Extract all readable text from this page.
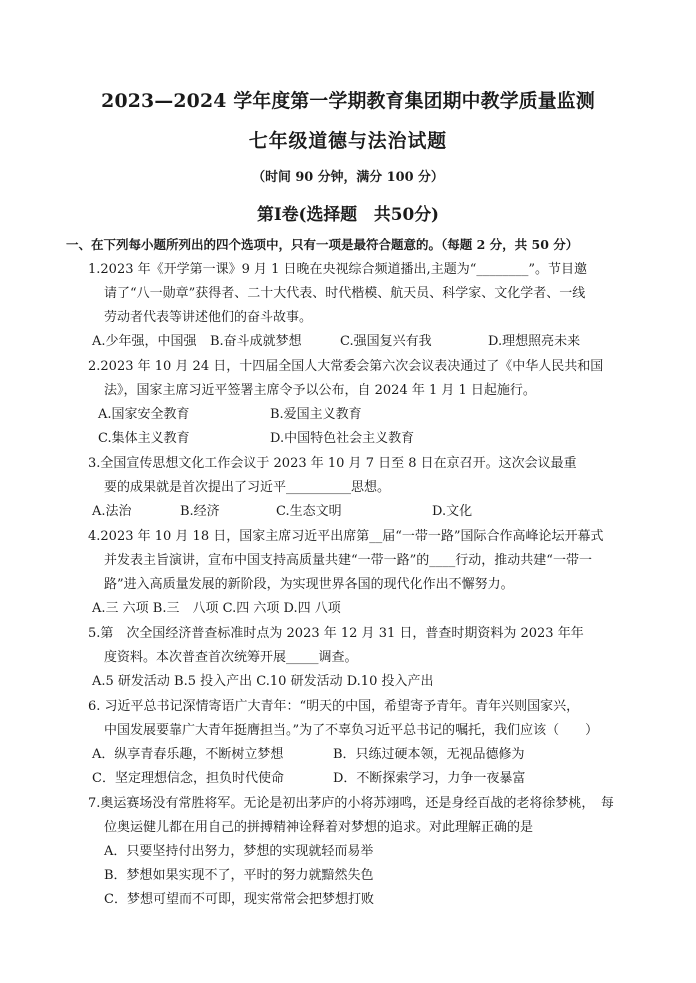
2023—2024 学年度第一学期教育集团期中教学质量监测
七年级道德与法治试题
（时间 90 分钟，满分 100 分）
第Ⅰ卷(选择题　共50分)
一、在下列每小题所列出的四个选项中，只有一项是最符合题意的。（每题 2 分，共 50 分）
1.2023 年《开学第一课》9 月 1 日晚在央视综合频道播出,主题为“________”。节目邀
请了“八一勋章”获得者、二十大代表、时代楷模、航天员、科学家、文化学者、一线
劳动者代表等讲述他们的奋斗故事。
A.少年强，中国强 B.奋斗成就梦想	C.强国复兴有我	D.理想照亮未来
2.2023 年 10 月 24 日，十四届全国人大常委会第六次会议表决通过了《中华人民共和国
法》，国家主席习近平签署主席令予以公布，自 2024 年 1 月 1 日起施行。
A.国家安全教育	B.爱国主义教育
C.集体主义教育	D.中国特色社会主义教育
3.全国宣传思想文化工作会议于 2023 年 10 月 7 日至 8 日在京召开。这次会议最重
要的成果就是首次提出了习近平__________思想。
A.法治	B.经济	C.生态文明	D.文化
4.2023 年 10 月 18 日，国家主席习近平出席第__届“一带一路”国际合作高峰论坛开幕式
并发表主旨演讲，宣布中国支持高质量共建“一带一路”的____行动，推动共建“一带一
路”进入高质量发展的新阶段，为实现世界各国的现代化作出不懈努力。
A.三 六项 B.三　八项 C.四 六项 D.四 八项
5.第　次全国经济普查标准时点为 2023 年 12 月 31 日，普查时期资料为 2023 年年
度资料。本次普查首次统筹开展_____调查。
A.5 研发活动 B.5 投入产出 C.10 研发活动 D.10 投入产出
6. 习近平总书记深情寄语广大青年：“明天的中国，希望寄予青年。青年兴则国家兴，
中国发展要靠广大青年挺膺担当。”为了不辜负习近平总书记的嘱托，我们应该（　　）
A．纵享青春乐趣，不断树立梦想	B．只练过硬本领，无视品德修为
C．坚定理想信念，担负时代使命	D．不断探索学习，力争一夜暴富
7.奥运赛场没有常胜将军。无论是初出茅庐的小将苏翊鸣，还是身经百战的老将徐梦桃，　每
位奥运健儿都在用自己的拼搏精神诠释着对梦想的追求。对此理解正确的是
A．只要坚持付出努力，梦想的实现就轻而易举
B．梦想如果实现不了，平时的努力就黯然失色
C．梦想可望而不可即，现实常常会把梦想打败
